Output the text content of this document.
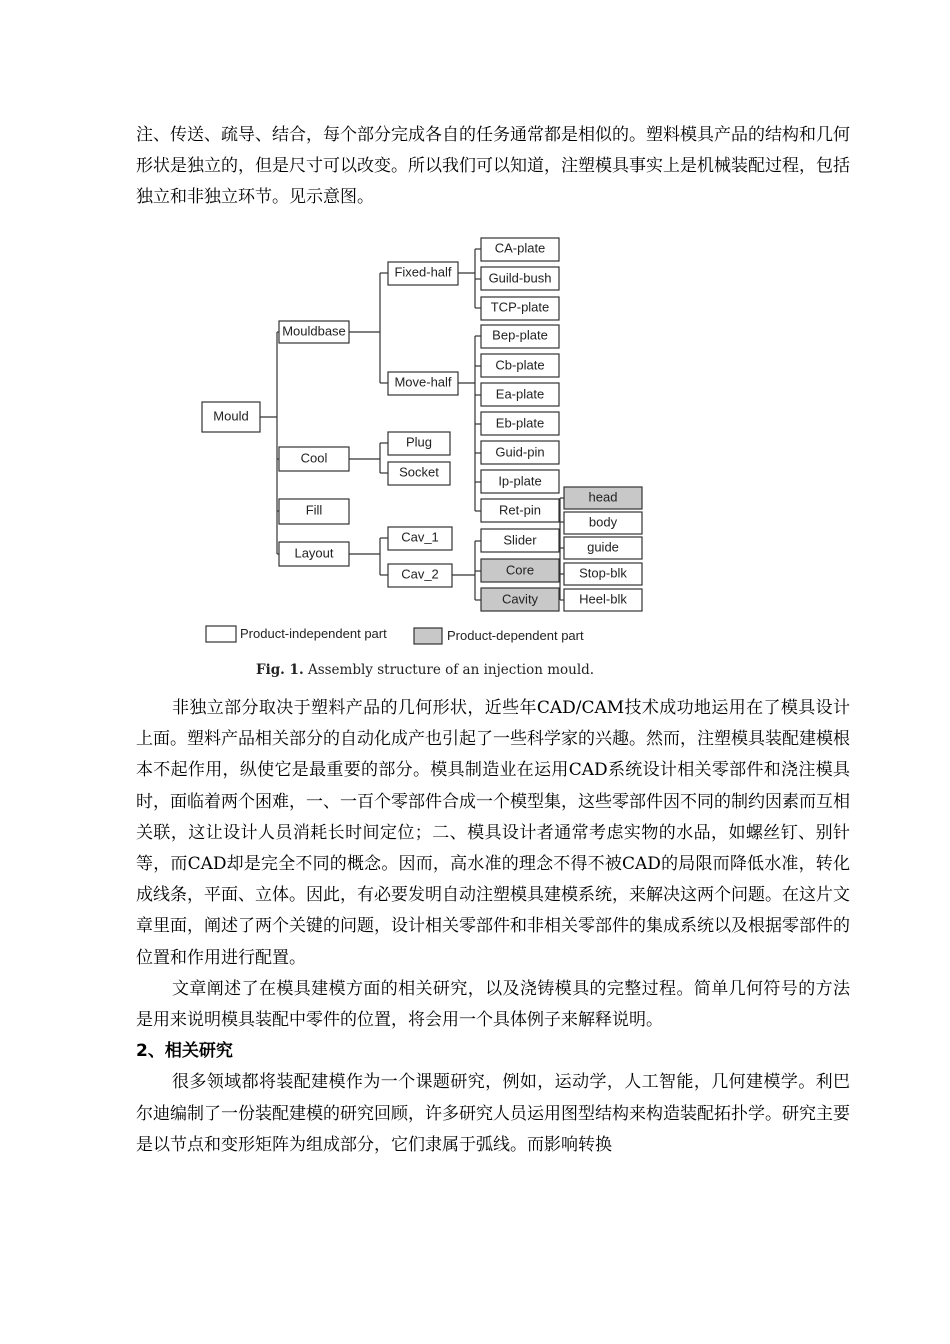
注、传送、疏导、结合，每个部分完成各自的任务通常都是相似的。塑料模具产品的结构和几何形状是独立的，但是尺寸可以改变。所以我们可以知道，注塑模具事实上是机械装配过程，包括独立和非独立环节。见示意图。

Mould
Mouldbase
Cool
Fill
Layout
Fixed-half
Move-half
Plug
Socket
Cav_1
Cav_2
CA-plate
Guild-bush
TCP-plate
Bep-plate
Cb-plate
Ea-plate
Eb-plate
Guid-pin
Ip-plate
Ret-pin
Slider
Core
Cavity
head
body
guide
Stop-blk
Heel-blk
Product-independent part	Product-dependent part
Fig. 1. Assembly structure of an injection mould.

非独立部分取决于塑料产品的几何形状，近些年CAD/CAM技术成功地运用在了模具设计上面。塑料产品相关部分的自动化成产也引起了一些科学家的兴趣。然而，注塑模具装配建模根本不起作用，纵使它是最重要的部分。模具制造业在运用CAD系统设计相关零部件和浇注模具时，面临着两个困难，一、一百个零部件合成一个模型集，这些零部件因不同的制约因素而互相关联，这让设计人员消耗长时间定位；二、模具设计者通常考虑实物的水品，如螺丝钉、别针等，而CAD却是完全不同的概念。因而，高水准的理念不得不被CAD的局限而降低水准，转化成线条，平面、立体。因此，有必要发明自动注塑模具建模系统，来解决这两个问题。在这片文章里面，阐述了两个关键的问题，设计相关零部件和非相关零部件的集成系统以及根据零部件的位置和作用进行配置。

文章阐述了在模具建模方面的相关研究，以及浇铸模具的完整过程。简单几何符号的方法是用来说明模具装配中零件的位置，将会用一个具体例子来解释说明。

2、相关研究

很多领域都将装配建模作为一个课题研究，例如，运动学，人工智能，几何建模学。利巴尔迪编制了一份装配建模的研究回顾，许多研究人员运用图型结构来构造装配拓扑学。研究主要是以节点和变形矩阵为组成部分，它们隶属于弧线。而影响转换
